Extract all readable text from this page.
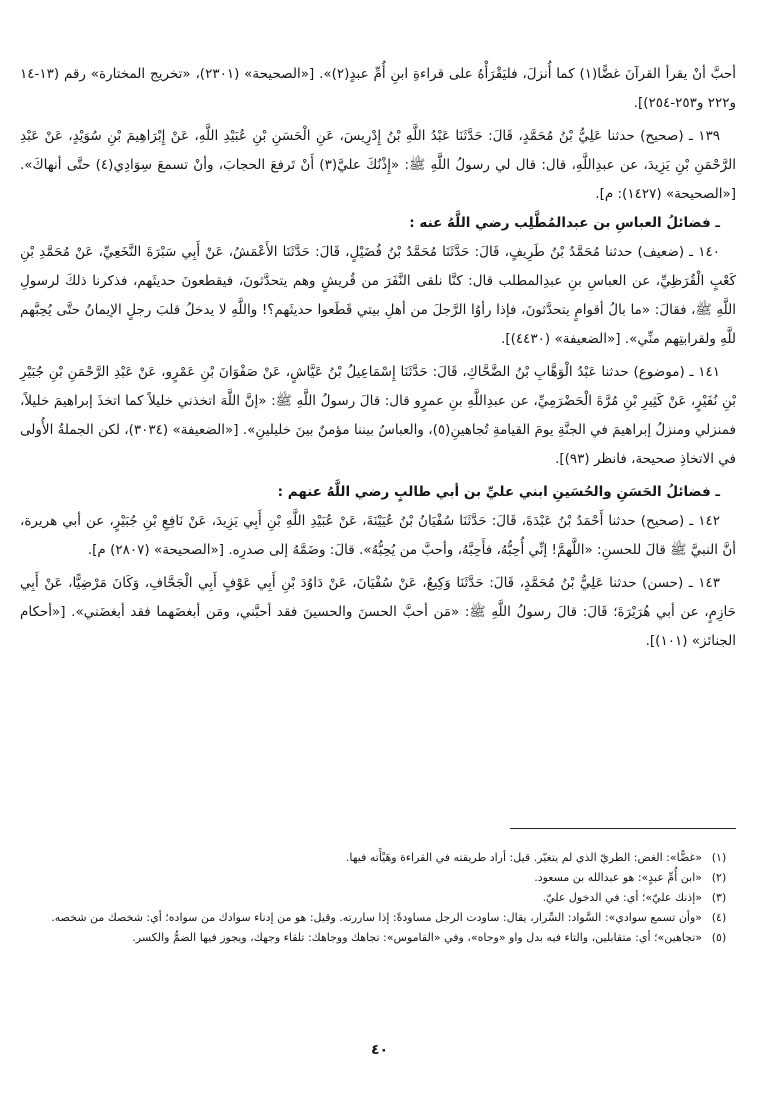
أحبَّ أنْ يقرأ القرآنَ غضًّا(١) كما أُنزلَ، فليَقْرَأْهُ على قراءةِ ابنِ أُمِّ عبدٍ(٢)». [«الصحيحة» (٢٣٠١)، «تخريج المختارة» رقم (١٣-١٤ و٢٢٢ و٢٥٣-٢٥٤)].

١٣٩ ـ (صحيح) حدثنا عَلِيُّ بْنُ مُحَمَّدٍ، قَالَ: حَدَّثَنَا عَبْدُ اللَّهِ بْنُ إِدْرِيسَ، عَنِ الْحَسَنِ بْنِ عُبَيْدِ اللَّهِ، عَنْ إِبْرَاهِيمَ بْنِ سُوَيْدٍ، عَنْ عَبْدِ الرَّحْمَنِ بْنِ يَزِيدَ، عن عبدِاللَّهِ، قال: قال لي رسولُ اللَّهِ ﷺ: «إِذْنُكَ عليَّ(٣) أَنْ تَرفعَ الحجابَ، وأنْ تسمعَ سِوَادِي(٤) حتَّى أنهاكَ». [«الصحيحة» (١٤٢٧): م].

ـ فضائلُ العباسِ بن عبدالمُطَّلِب رضي اللَّهُ عنه :

١٤٠ ـ (ضعيف) حدثنا مُحَمَّدُ بْنُ طَرِيفٍ، قَالَ: حَدَّثَنَا مُحَمَّدُ بْنُ فُضَيْلٍ، قَالَ: حَدَّثَنَا الأَعْمَشُ، عَنْ أَبِي سَبْرَةَ النَّخَعِيِّ، عَنْ مُحَمَّدِ بْنِ كَعْبٍ الْقُرَظِيِّ، عن العباسِ بنِ عبدِالمطلب قال: كنَّا نلقى النَّفَرَ من قُريشٍ وهم يتحدَّثونَ، فيقطعونَ حديثَهم، فذكرنا ذلكَ لرسولِ اللَّهِ ﷺ، فقالَ: «ما بالُ أقوامٍ يتحدَّثونَ، فإذا رأوُا الرَّجلَ من أهلِ بيتي قَطَعوا حديثَهم؟! واللَّهِ لا يدخلُ قلبَ رجلٍ الإيمانُ حتَّى يُحِبَّهم للَّهِ ولقرابتِهم منِّي». [«الضعيفة» (٤٤٣٠)].

١٤١ ـ (موضوع) حدثنا عَبْدُ الْوَهَّابِ بْنُ الضَّحَّاكِ، قَالَ: حَدَّثَنَا إِسْمَاعِيلُ بْنُ عَيَّاشٍ، عَنْ صَفْوَانَ بْنِ عَمْرٍو، عَنْ عَبْدِ الرَّحْمَنِ بْنِ جُبَيْرِ بْنِ نُفَيْرٍ، عَنْ كَثِيرِ بْنِ مُرَّةَ الْحَضْرَمِيِّ، عن عبدِاللَّهِ بنِ عمرٍو قال: قالَ رسولُ اللَّهِ ﷺ: «إنَّ اللَّهَ اتخذني خليلاً كما اتخذَ إبراهيمَ خليلاً، فمنزلي ومنزلُ إبراهيمَ في الجنَّةِ يومَ القيامةِ تُجاهينِ(٥)، والعباسُ بيننا مؤمنٌ بينَ خليلينِ». [«الضعيفة» (٣٠٣٤)، لكن الجملةُ الأُولى في الاتخاذِ صحيحة، فانظر (٩٣)].

ـ فضائلُ الحَسَنِ والحُسَينِ ابني عليِّ بن أبي طالبٍ رضي اللَّهُ عنهم :

١٤٢ ـ (صحيح) حدثنا أَحْمَدُ بْنُ عَبْدَةَ، قَالَ: حَدَّثَنَا سُفْيَانُ بْنُ عُيَيْنَةَ، عَنْ عُبَيْدِ اللَّهِ بْنِ أَبِي يَزِيدَ، عَنْ نَافِعِ بْنِ جُبَيْرٍ، عن أبي هريرة، أنَّ النبيَّ ﷺ قالَ للحسنِ: «اللَّهمَّ! إنِّي أُحِبُّهُ، فأَحِبَّهُ، وأحبَّ من يُحِبُّهُ». قالَ: وضَمَّهُ إلى صدرِه. [«الصحيحة» (٢٨٠٧) م].

١٤٣ ـ (حسن) حدثنا عَلِيُّ بْنُ مُحَمَّدٍ، قَالَ: حَدَّثَنَا وَكِيعٌ، عَنْ سُفْيَانَ، عَنْ دَاوُدَ بْنِ أَبِي عَوْفٍ أَبِي الْجَحَّافِ، وَكَانَ مَرْضِيًّا، عَنْ أَبِي حَازِمٍ، عن أبي هُرَيْرَةَ؛ قَالَ: قالَ رسولُ اللَّهِ ﷺ: «مَن أحبَّ الحسنَ والحسينَ فقد أحبَّني، ومَن أبغضَهما فقد أبغضَني». [«أحكام الجنائز» (١٠١)].

(١)
«غضًّا»: الغض: الطريّ الذي لم يتغيّر. قيل: أراد طريقته في القراءة وهَيْأَته فيها.
(٢)
«ابن أُمِّ عبدٍ»: هو عبدالله بن مسعود.
(٣)
«إذنك عليّ»؛ أي: في الدخول عليّ.
(٤)
«وأن تسمع سوادي»: السَّواد: السِّرار، يقال: ساودت الرجل مساودةً: إذا ساررته. وقيل: هو من إدناء سوادك من سواده؛ أي: شخصك من شخصه.
(٥)
«تجاهين»؛ أي: متقابلين، والتاء فيه بدل واو «وجاه»، وفي «القاموس»: تجاهك ووجاهك: تلقاء وجهك، ويجوز فيها الضمُّ والكسر.
٤٠
